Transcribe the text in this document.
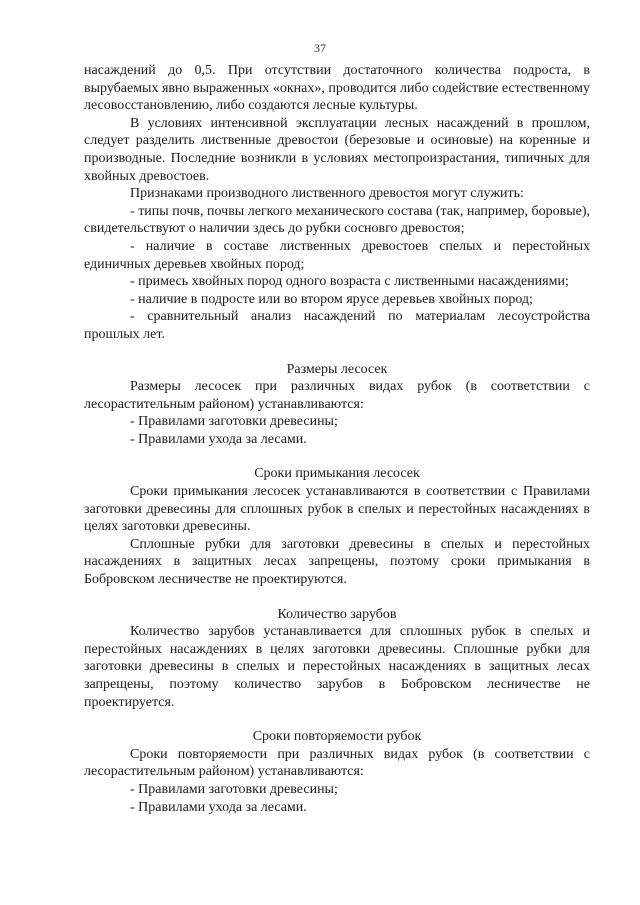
37

насаждений до 0,5. При отсутствии достаточного количества подроста, в вырубаемых явно выраженных «окнах», проводится либо содействие естественному лесовосстановлению, либо создаются лесные культуры.

В условиях интенсивной эксплуатации лесных насаждений в прошлом, следует разделить лиственные древостои (березовые и осиновые) на коренные и производные. Последние возникли в условиях местопроизрастания, типичных для хвойных древостоев.

Признаками производного лиственного древостоя могут служить:

- типы почв, почвы легкого механического состава (так, например, боровые), свидетельствуют о наличии здесь до рубки сосновго древостоя;

- наличие в составе лиственных древостоев спелых и перестойных единичных деревьев хвойных пород;

- примесь хвойных пород одного возраста с лиственными насаждениями;

- наличие в подросте или во втором ярусе деревьев хвойных пород;

- сравнительный анализ насаждений по материалам лесоустройства прошлых лет.

Размеры лесосек

Размеры лесосек при различных видах рубок (в соответствии с лесорастительным районом) устанавливаются:

- Правилами заготовки древесины;

- Правилами ухода за лесами.

Сроки примыкания лесосек

Сроки примыкания лесосек устанавливаются в соответствии с Правилами заготовки древесины для сплошных рубок в спелых и перестойных насаждениях в целях заготовки древесины.

Сплошные рубки для заготовки древесины в спелых и перестойных насаждениях в защитных лесах запрещены, поэтому сроки примыкания в Бобровском лесничестве не проектируются.

Количество зарубов

Количество зарубов устанавливается для сплошных рубок в спелых и перестойных насаждениях в целях заготовки древесины. Сплошные рубки для заготовки древесины в спелых и перестойных насаждениях в защитных лесах запрещены, поэтому количество зарубов в Бобровском лесничестве не проектируется.

Сроки повторяемости рубок

Сроки повторяемости при различных видах рубок (в соответствии с лесорастительным районом) устанавливаются:

- Правилами заготовки древесины;

- Правилами ухода за лесами.
